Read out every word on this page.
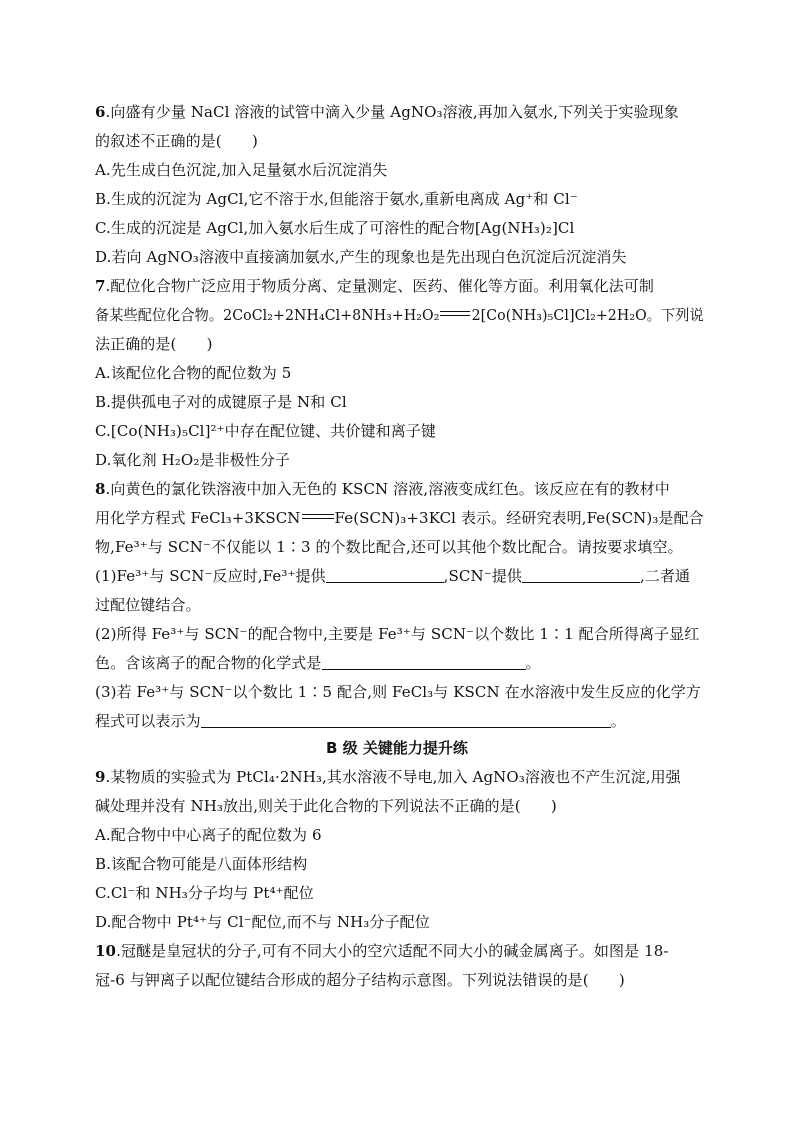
6.向盛有少量 NaCl 溶液的试管中滴入少量 AgNO₃溶液,再加入氨水,下列关于实验现象
的叙述不正确的是(　　)
A.先生成白色沉淀,加入足量氨水后沉淀消失
B.生成的沉淀为 AgCl,它不溶于水,但能溶于氨水,重新电离成 Ag⁺和 Cl⁻
C.生成的沉淀是 AgCl,加入氨水后生成了可溶性的配合物[Ag(NH₃)₂]Cl
D.若向 AgNO₃溶液中直接滴加氨水,产生的现象也是先出现白色沉淀后沉淀消失
7.配位化合物广泛应用于物质分离、定量测定、医药、催化等方面。利用氧化法可制
备某些配位化合物。2CoCl₂+2NH₄Cl+8NH₃+H₂O₂ 2[Co(NH₃)₅Cl]Cl₂+2H₂O。下列说
法正确的是(　　)
A.该配位化合物的配位数为 5
B.提供孤电子对的成键原子是 N和 Cl
C.[Co(NH₃)₅Cl]²⁺中存在配位键、共价键和离子键
D.氧化剂 H₂O₂是非极性分子
8.向黄色的氯化铁溶液中加入无色的 KSCN 溶液,溶液变成红色。该反应在有的教材中
用化学方程式 FeCl₃+3KSCN Fe(SCN)₃+3KCl 表示。经研究表明,Fe(SCN)₃是配合
物,Fe³⁺与 SCN⁻不仅能以 1∶3 的个数比配合,还可以其他个数比配合。请按要求填空。
(1)Fe³⁺与 SCN⁻反应时,Fe³⁺提供	,SCN⁻提供	,二者通
过配位键结合。
(2)所得 Fe³⁺与 SCN⁻的配合物中,主要是 Fe³⁺与 SCN⁻以个数比 1∶1 配合所得离子显红
色。含该离子的配合物的化学式是	。
(3)若 Fe³⁺与 SCN⁻以个数比 1∶5 配合,则 FeCl₃与 KSCN 在水溶液中发生反应的化学方
程式可以表示为	。
B 级 关键能力提升练
9.某物质的实验式为 PtCl₄·2NH₃,其水溶液不导电,加入 AgNO₃溶液也不产生沉淀,用强
碱处理并没有 NH₃放出,则关于此化合物的下列说法不正确的是(　　)
A.配合物中中心离子的配位数为 6
B.该配合物可能是八面体形结构
C.Cl⁻和 NH₃分子均与 Pt⁴⁺配位
D.配合物中 Pt⁴⁺与 Cl⁻配位,而不与 NH₃分子配位
10.冠醚是皇冠状的分子,可有不同大小的空穴适配不同大小的碱金属离子。如图是 18-
冠-6 与钾离子以配位键结合形成的超分子结构示意图。下列说法错误的是(　　)
